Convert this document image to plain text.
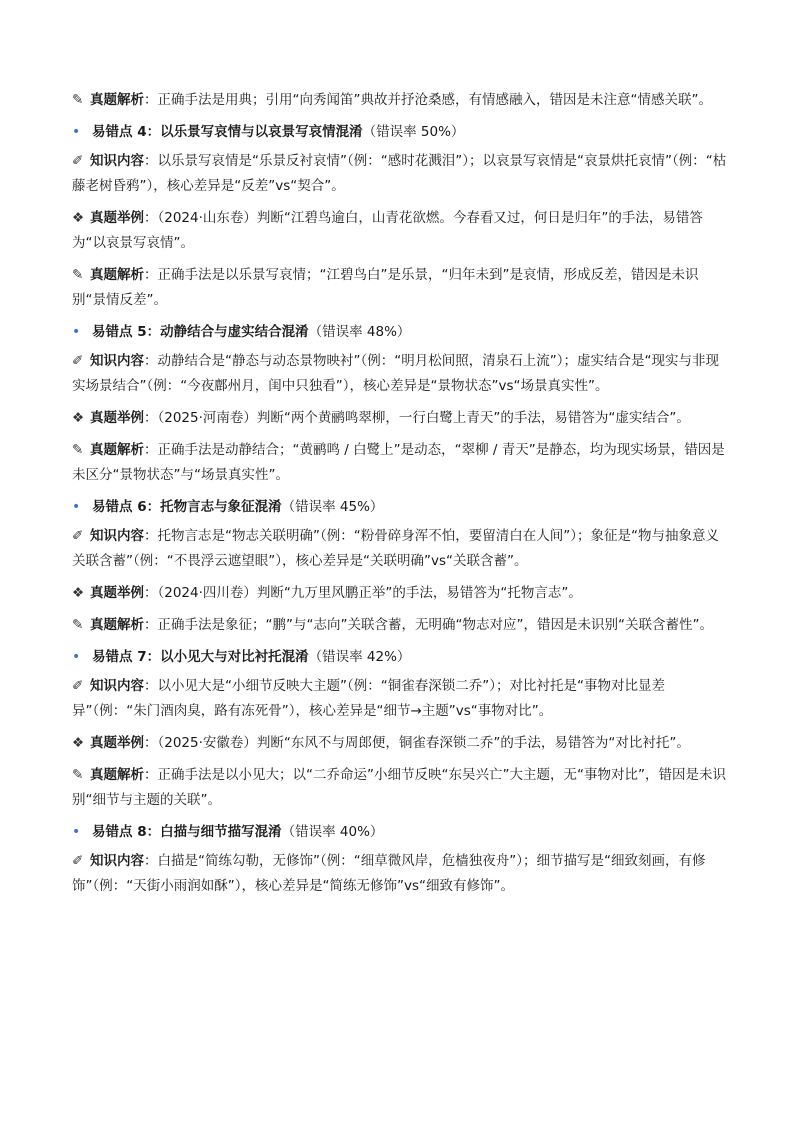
✎ 真题解析：正确手法是用典；引用“向秀闻笛”典故并抒沧桑感，有情感融入，错因是未注意“情感关联”。
• 易错点 4：以乐景写哀情与以哀景写哀情混淆（错误率 50%）
✐ 知识内容：以乐景写哀情是“乐景反衬哀情”（例：“感时花溅泪”）；以哀景写哀情是“哀景烘托哀情”（例：“枯藤老树昏鸦”），核心差异是“反差”vs“契合”。
❖ 真题举例：（2024·山东卷）判断“江碧鸟逾白，山青花欲燃。今春看又过，何日是归年”的手法，易错答为“以哀景写哀情”。
✎ 真题解析：正确手法是以乐景写哀情；“江碧鸟白”是乐景，“归年未到”是哀情，形成反差，错因是未识别“景情反差”。
• 易错点 5：动静结合与虚实结合混淆（错误率 48%）
✐ 知识内容：动静结合是“静态与动态景物映衬”（例：“明月松间照，清泉石上流”）；虚实结合是“现实与非现实场景结合”（例：“今夜鄜州月，闺中只独看”），核心差异是“景物状态”vs“场景真实性”。
❖ 真题举例：（2025·河南卷）判断“两个黄鹂鸣翠柳，一行白鹭上青天”的手法，易错答为“虚实结合”。
✎ 真题解析：正确手法是动静结合；“黄鹂鸣 / 白鹭上”是动态，“翠柳 / 青天”是静态，均为现实场景，错因是未区分“景物状态”与“场景真实性”。
• 易错点 6：托物言志与象征混淆（错误率 45%）
✐ 知识内容：托物言志是“物志关联明确”（例：“粉骨碎身浑不怕，要留清白在人间”）；象征是“物与抽象意义关联含蓄”（例：“不畏浮云遮望眼”），核心差异是“关联明确”vs“关联含蓄”。
❖ 真题举例：（2024·四川卷）判断“九万里风鹏正举”的手法，易错答为“托物言志”。
✎ 真题解析：正确手法是象征；“鹏”与“志向”关联含蓄，无明确“物志对应”，错因是未识别“关联含蓄性”。
• 易错点 7：以小见大与对比衬托混淆（错误率 42%）
✐ 知识内容：以小见大是“小细节反映大主题”（例：“铜雀春深锁二乔”）；对比衬托是“事物对比显差异”（例：“朱门酒肉臭，路有冻死骨”），核心差异是“细节→主题”vs“事物对比”。
❖ 真题举例：（2025·安徽卷）判断“东风不与周郎便，铜雀春深锁二乔”的手法，易错答为“对比衬托”。
✎ 真题解析：正确手法是以小见大；以“二乔命运”小细节反映“东吴兴亡”大主题，无“事物对比”，错因是未识别“细节与主题的关联”。
• 易错点 8：白描与细节描写混淆（错误率 40%）
✐ 知识内容：白描是“简练勾勒，无修饰”（例：“细草微风岸，危樯独夜舟”）；细节描写是“细致刻画，有修饰”（例：“天街小雨润如酥”），核心差异是“简练无修饰”vs“细致有修饰”。
